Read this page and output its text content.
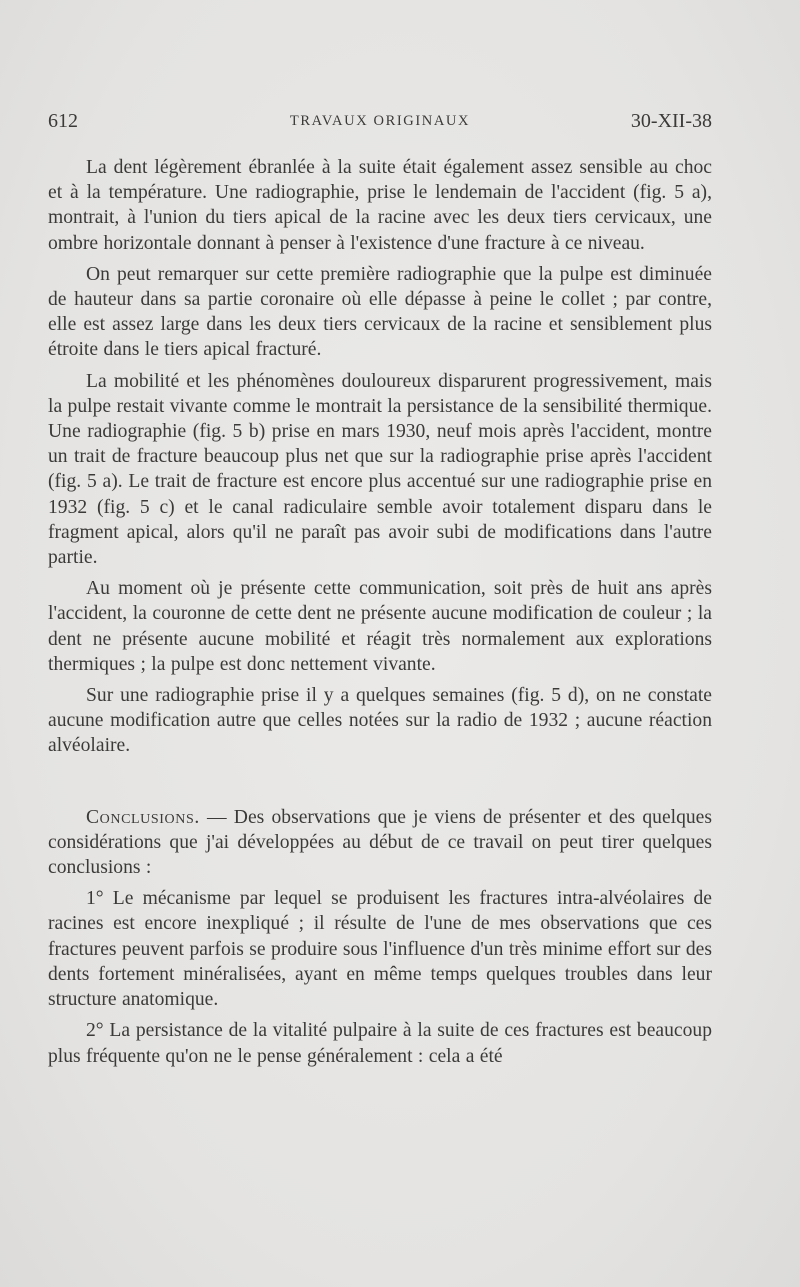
612	TRAVAUX ORIGINAUX	30-XII-38

La dent légèrement ébranlée à la suite était également assez sensible au choc et à la température. Une radiographie, prise le lendemain de l'accident (fig. 5 a), montrait, à l'union du tiers apical de la racine avec les deux tiers cervicaux, une ombre horizontale donnant à penser à l'existence d'une fracture à ce niveau.

On peut remarquer sur cette première radiographie que la pulpe est diminuée de hauteur dans sa partie coronaire où elle dépasse à peine le collet ; par contre, elle est assez large dans les deux tiers cervicaux de la racine et sensiblement plus étroite dans le tiers apical fracturé.

La mobilité et les phénomènes douloureux disparurent progressivement, mais la pulpe restait vivante comme le montrait la persistance de la sensibilité thermique. Une radiographie (fig. 5 b) prise en mars 1930, neuf mois après l'accident, montre un trait de fracture beaucoup plus net que sur la radiographie prise après l'accident (fig. 5 a). Le trait de fracture est encore plus accentué sur une radiographie prise en 1932 (fig. 5 c) et le canal radiculaire semble avoir totalement disparu dans le fragment apical, alors qu'il ne paraît pas avoir subi de modifications dans l'autre partie.

Au moment où je présente cette communication, soit près de huit ans après l'accident, la couronne de cette dent ne présente aucune modification de couleur ; la dent ne présente aucune mobilité et réagit très normalement aux explorations thermiques ; la pulpe est donc nettement vivante.

Sur une radiographie prise il y a quelques semaines (fig. 5 d), on ne constate aucune modification autre que celles notées sur la radio de 1932 ; aucune réaction alvéolaire.

Conclusions. — Des observations que je viens de présenter et des quelques considérations que j'ai développées au début de ce travail on peut tirer quelques conclusions :

1° Le mécanisme par lequel se produisent les fractures intra-alvéolaires de racines est encore inexpliqué ; il résulte de l'une de mes observations que ces fractures peuvent parfois se produire sous l'influence d'un très minime effort sur des dents fortement minéralisées, ayant en même temps quelques troubles dans leur structure anatomique.

2° La persistance de la vitalité pulpaire à la suite de ces fractures est beaucoup plus fréquente qu'on ne le pense généralement : cela a été
